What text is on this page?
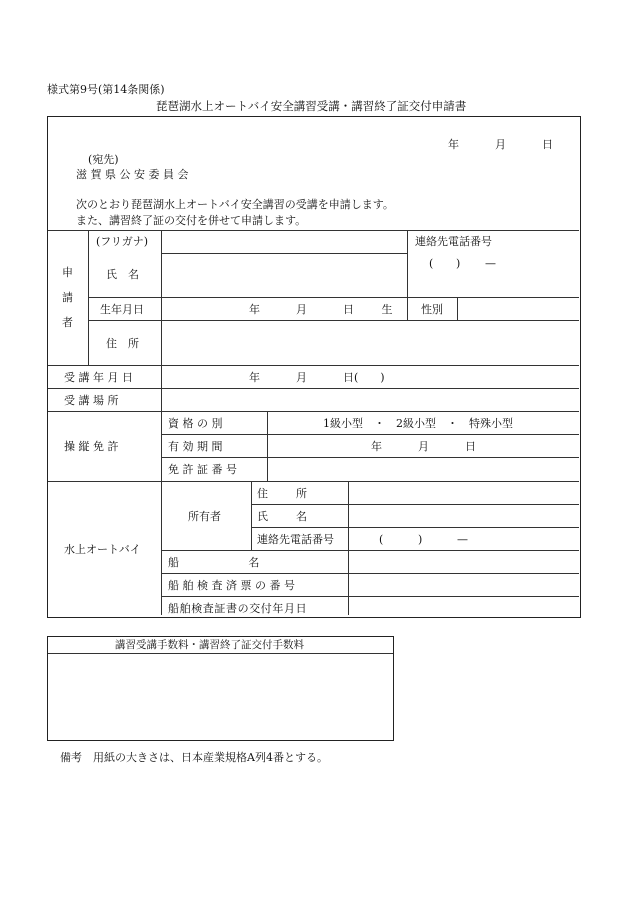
様式第9号(第14条関係)
琵琶湖水上オートバイ安全講習受講・講習終了証交付申請書
年	月	日
(宛先)
滋 賀 県 公 安 委 員 会
次のとおり琵琶湖水上オートバイ安全講習の受講を申請します。
また、講習終了証の交付を併せて申請します。
申
請
者
(フリガナ)
氏　名
連絡先電話番号
( ) —
生年月日	年	月	日 生 性別
住　所
受 講 年 月 日	年	月	日(　　)
受 講 場 所
操 縦 免 許
資 格 の 別	1級小型　・　2級小型　・　特殊小型
有 効 期 間	年	月	日
免 許 証 番 号
水上オートバイ
所有者
住　　所
氏　　名
連絡先電話番号	(	)	—
船　　　　　名
船 舶 検 査 済 票 の 番 号
船舶検査証書の交付年月日
講習受講手数料・講習終了証交付手数料
備考　用紙の大きさは、日本産業規格A列4番とする。
